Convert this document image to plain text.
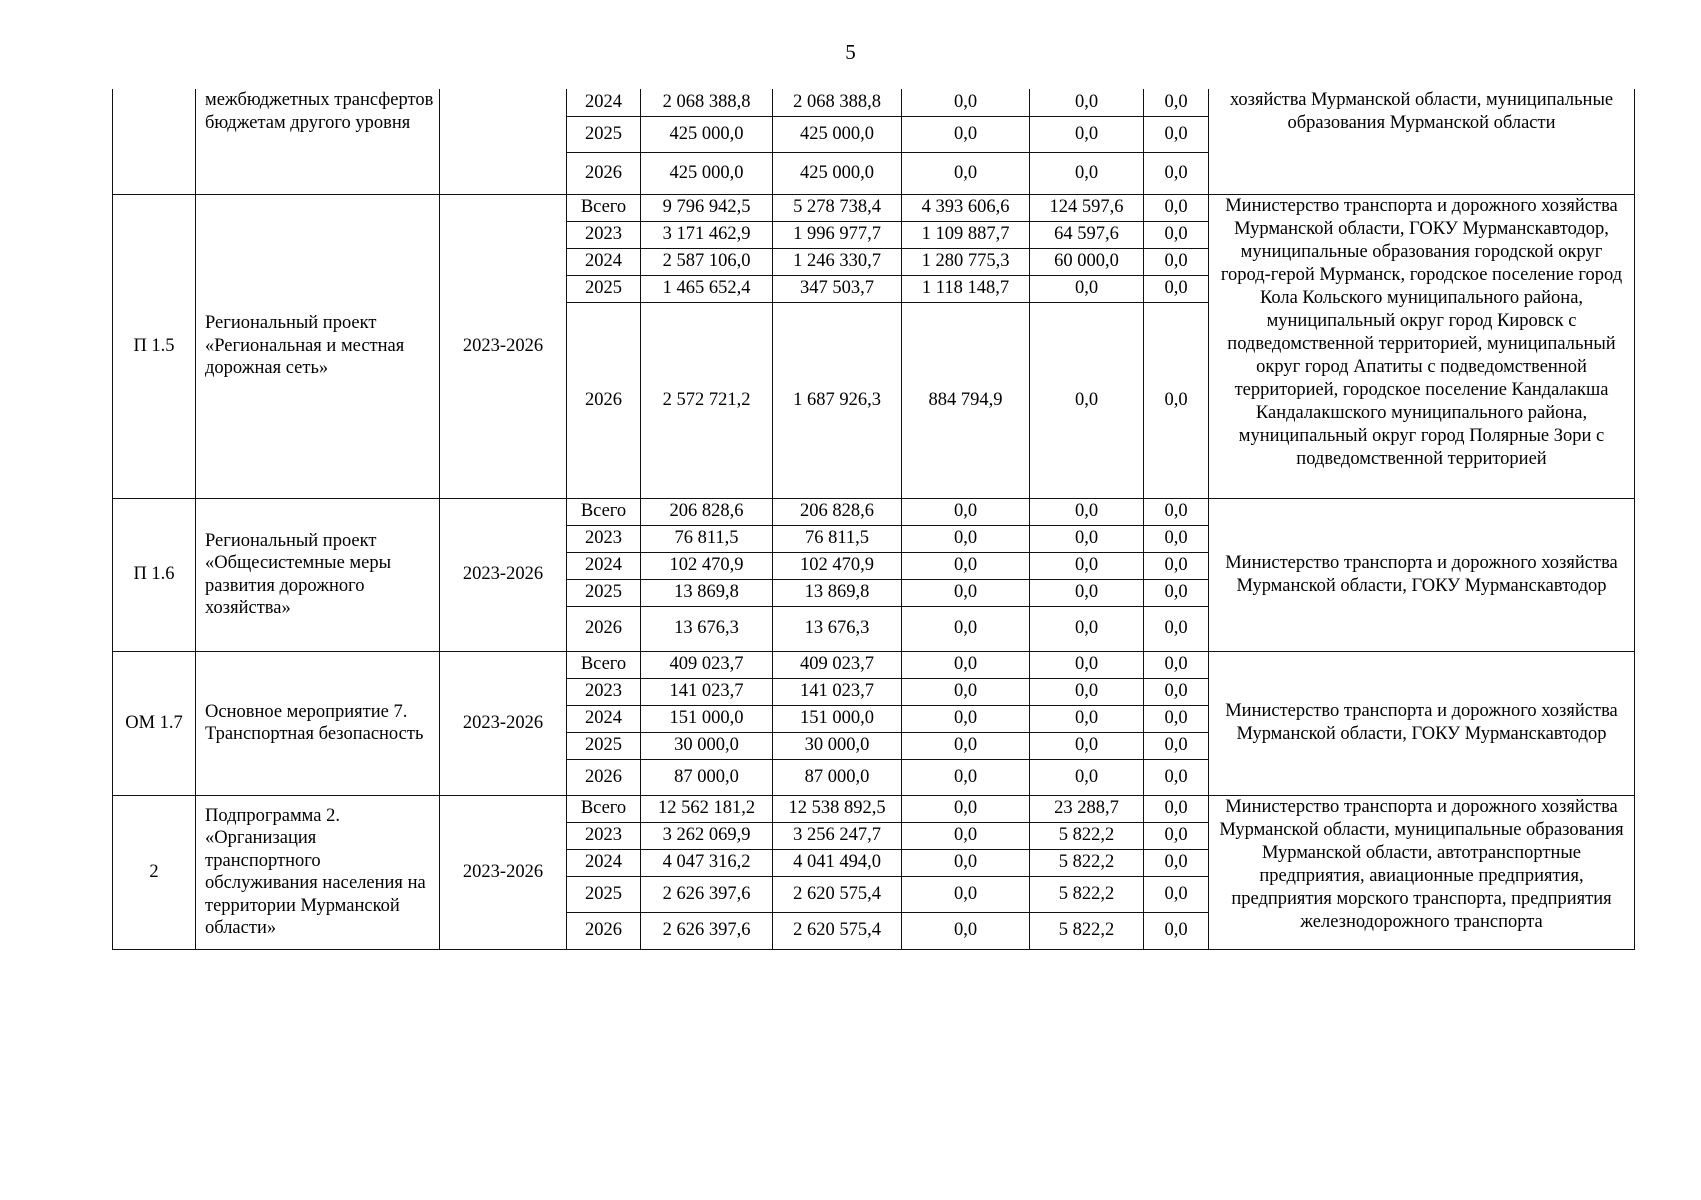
5
	межбюджетных трансфертов бюджетам другого уровня		2024	2 068 388,8	2 068 388,8	0,0	0,0	0,0	хозяйства Мурманской области, муниципальные образования Мурманской области
			2025	425 000,0	425 000,0	0,0	0,0	0,0	
			2026	425 000,0	425 000,0	0,0	0,0	0,0	
П 1.5	Региональный проект «Региональная и местная дорожная сеть»	2023-2026	Всего	9 796 942,5	5 278 738,4	4 393 606,6	124 597,6	0,0	Министерство транспорта и дорожного хозяйства Мурманской области, ГОКУ Мурманскавтодор, муниципальные образования городской округ город-герой Мурманск, городское поселение город Кола Кольского муниципального района, муниципальный округ город Кировск с подведомственной территорией, муниципальный округ город Апатиты с подведомственной территорией, городское поселение Кандалакша Кандалакшского муниципального района, муниципальный округ город Полярные Зори с подведомственной территорией
			2023	3 171 462,9	1 996 977,7	1 109 887,7	64 597,6	0,0	
			2024	2 587 106,0	1 246 330,7	1 280 775,3	60 000,0	0,0	
			2025	1 465 652,4	347 503,7	1 118 148,7	0,0	0,0	
			2026	2 572 721,2	1 687 926,3	884 794,9	0,0	0,0	
П 1.6	Региональный проект «Общесистемные меры развития дорожного хозяйства»	2023-2026	Всего	206 828,6	206 828,6	0,0	0,0	0,0	Министерство транспорта и дорожного хозяйства Мурманской области, ГОКУ Мурманскавтодор
			2023	76 811,5	76 811,5	0,0	0,0	0,0	
			2024	102 470,9	102 470,9	0,0	0,0	0,0	
			2025	13 869,8	13 869,8	0,0	0,0	0,0	
			2026	13 676,3	13 676,3	0,0	0,0	0,0	
ОМ 1.7	Основное мероприятие 7. Транспортная безопасность	2023-2026	Всего	409 023,7	409 023,7	0,0	0,0	0,0	Министерство транспорта и дорожного хозяйства Мурманской области, ГОКУ Мурманскавтодор
			2023	141 023,7	141 023,7	0,0	0,0	0,0	
			2024	151 000,0	151 000,0	0,0	0,0	0,0	
			2025	30 000,0	30 000,0	0,0	0,0	0,0	
			2026	87 000,0	87 000,0	0,0	0,0	0,0	
2	Подпрограмма 2. «Организация транспортного обслуживания населения на территории Мурманской области»	2023-2026	Всего	12 562 181,2	12 538 892,5	0,0	23 288,7	0,0	Министерство транспорта и дорожного хозяйства Мурманской области, муниципальные образования Мурманской области, автотранспортные предприятия, авиационные предприятия, предприятия морского транспорта, предприятия железнодорожного транспорта
			2023	3 262 069,9	3 256 247,7	0,0	5 822,2	0,0	
			2024	4 047 316,2	4 041 494,0	0,0	5 822,2	0,0	
			2025	2 626 397,6	2 620 575,4	0,0	5 822,2	0,0	
			2026	2 626 397,6	2 620 575,4	0,0	5 822,2	0,0	
